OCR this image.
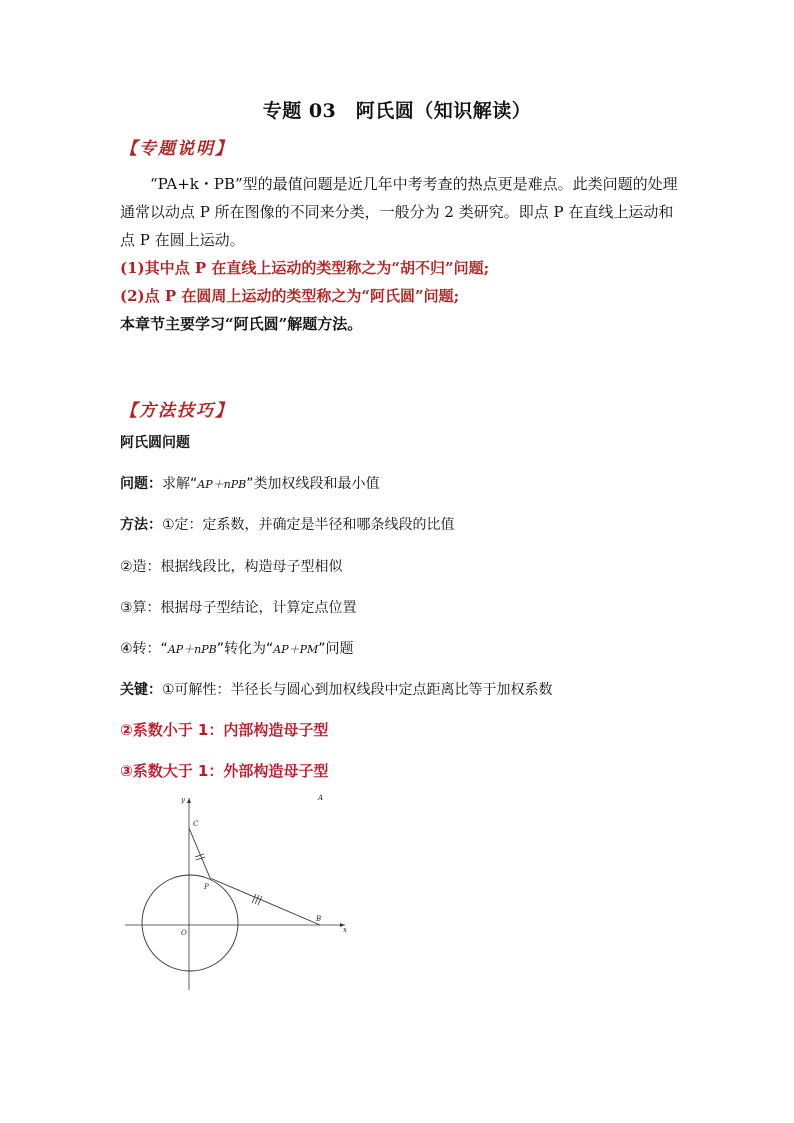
专题 03　阿氏圆（知识解读）
【专题说明】

“PA+k・PB”型的最值问题是近几年中考考查的热点更是难点。此类问题的处理通常以动点 P 所在图像的不同来分类，一般分为 2 类研究。即点 P 在直线上运动和点 P 在圆上运动。

(1)其中点 P 在直线上运动的类型称之为“胡不归”问题;

(2)点 P 在圆周上运动的类型称之为“阿氏圆”问题;

本章节主要学习“阿氏圆”解题方法。

【方法技巧】
阿氏圆问题
问题：求解“AP＋nPB”类加权线段和最小值
方法：①定：定系数，并确定是半径和哪条线段的比值
②造：根据线段比，构造母子型相似
③算：根据母子型结论，计算定点位置
④转：“AP＋nPB”转化为“AP＋PM”问题
关键：①可解性：半径长与圆心到加权线段中定点距离比等于加权系数
②系数小于 1：内部构造母子型
③系数大于 1：外部构造母子型
y
x
C
P
B
O
A
